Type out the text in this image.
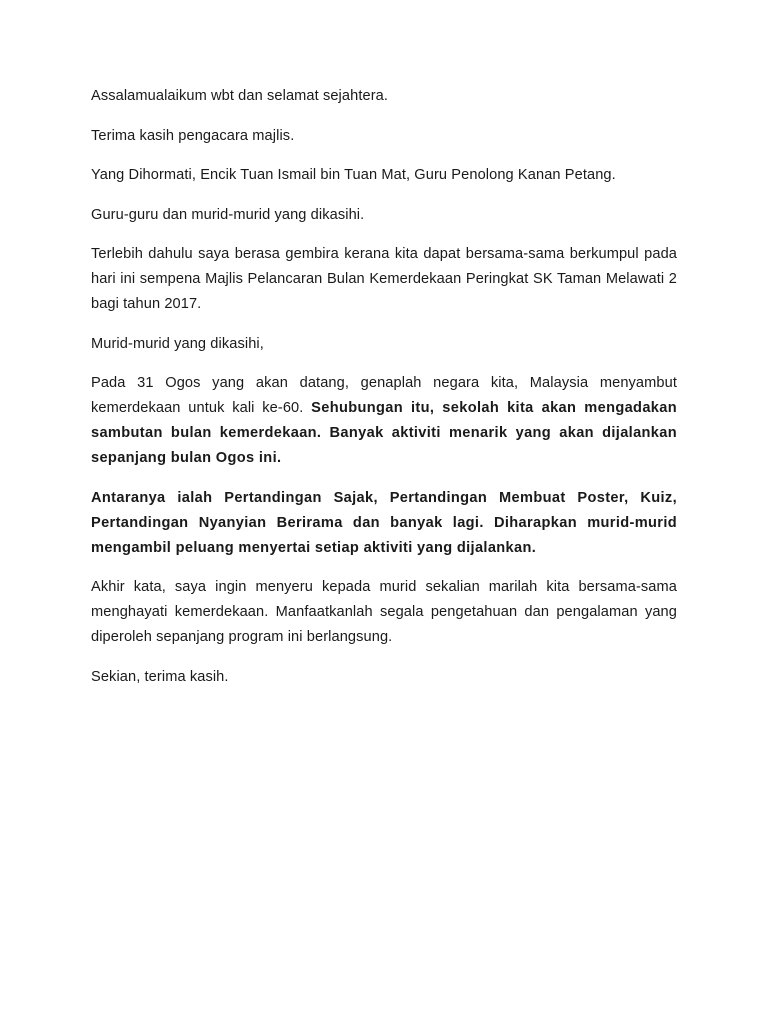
Assalamualaikum wbt dan selamat sejahtera.

Terima kasih pengacara majlis.

Yang Dihormati, Encik Tuan Ismail bin Tuan Mat, Guru Penolong Kanan Petang.

Guru-guru dan murid-murid yang dikasihi.

Terlebih dahulu saya berasa gembira kerana kita dapat bersama-sama berkumpul pada hari ini sempena Majlis Pelancaran Bulan Kemerdekaan Peringkat SK Taman Melawati 2 bagi tahun 2017.

Murid-murid yang dikasihi,

Pada 31 Ogos yang akan datang, genaplah negara kita, Malaysia menyambut kemerdekaan untuk kali ke-60. Sehubungan itu, sekolah kita akan mengadakan sambutan bulan kemerdekaan. Banyak aktiviti menarik yang akan dijalankan sepanjang bulan Ogos ini.

Antaranya ialah Pertandingan Sajak, Pertandingan Membuat Poster, Kuiz, Pertandingan Nyanyian Berirama dan banyak lagi. Diharapkan murid-murid mengambil peluang menyertai setiap aktiviti yang dijalankan.

Akhir kata, saya ingin menyeru kepada murid sekalian marilah kita bersama-sama menghayati kemerdekaan. Manfaatkanlah segala pengetahuan dan pengalaman yang diperoleh sepanjang program ini berlangsung.

Sekian, terima kasih.
